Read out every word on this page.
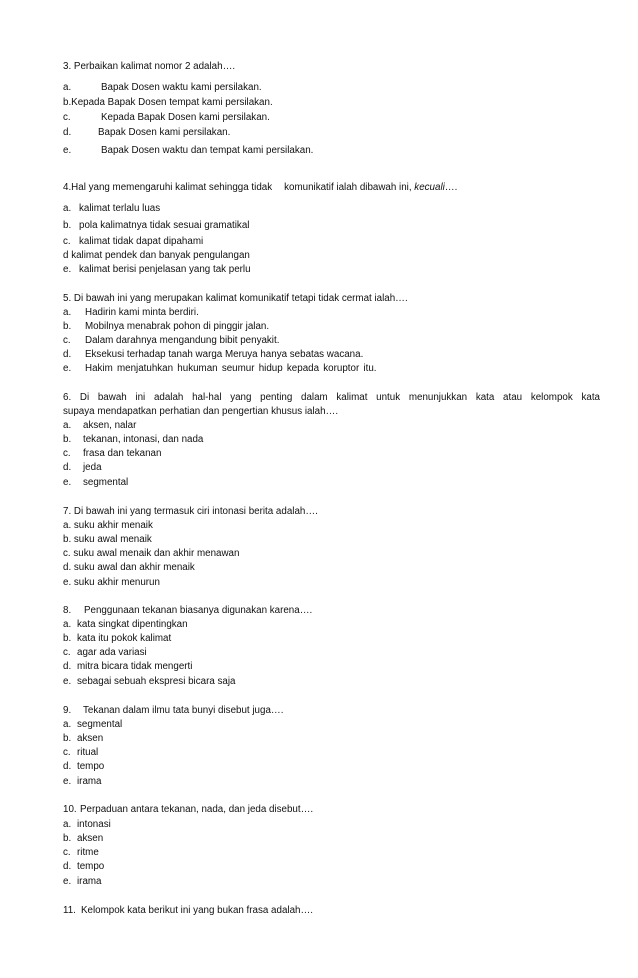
3. Perbaikan kalimat nomor 2 adalah….
a.	Bapak Dosen waktu kami persilakan.
b.Kepada Bapak Dosen tempat kami persilakan.
c.	Kepada Bapak Dosen kami persilakan.
d.	Bapak Dosen kami persilakan.
e.	Bapak Dosen waktu dan tempat kami persilakan.
4.Hal yang memengaruhi kalimat sehingga tidak komunikatif ialah dibawah ini, kecuali….
a. kalimat terlalu luas
b. pola kalimatnya tidak sesuai gramatikal
c. kalimat tidak dapat dipahami
d kalimat pendek dan banyak pengulangan
e. kalimat berisi penjelasan yang tak perlu
5. Di bawah ini yang merupakan kalimat komunikatif tetapi tidak cermat ialah….
a. Hadirin kami minta berdiri.
b. Mobilnya menabrak pohon di pinggir jalan.
c. Dalam darahnya mengandung bibit penyakit.
d. Eksekusi terhadap tanah warga Meruya hanya sebatas wacana.
e. Hakim menjatuhkan hukuman seumur hidup kepada koruptor itu.
6. Di bawah ini adalah hal-hal yang penting dalam kalimat untuk menunjukkan kata atau kelompok kata
supaya mendapatkan perhatian dan pengertian khusus ialah….
a. aksen, nalar
b. tekanan, intonasi, dan nada
c. frasa dan tekanan
d. jeda
e. segmental
7. Di bawah ini yang termasuk ciri intonasi berita adalah….
a. suku akhir menaik
b. suku awal menaik
c. suku awal menaik dan akhir menawan
d. suku awal dan akhir menaik
e. suku akhir menurun
8. Penggunaan tekanan biasanya digunakan karena….
a. kata singkat dipentingkan
b. kata itu pokok kalimat
c. agar ada variasi
d. mitra bicara tidak mengerti
e. sebagai sebuah ekspresi bicara saja
9. Tekanan dalam ilmu tata bunyi disebut juga….
a. segmental
b. aksen
c. ritual
d. tempo
e. irama
10. Perpaduan antara tekanan, nada, dan jeda disebut….
a. intonasi
b. aksen
c. ritme
d. tempo
e. irama
11. Kelompok kata berikut ini yang bukan frasa adalah….
